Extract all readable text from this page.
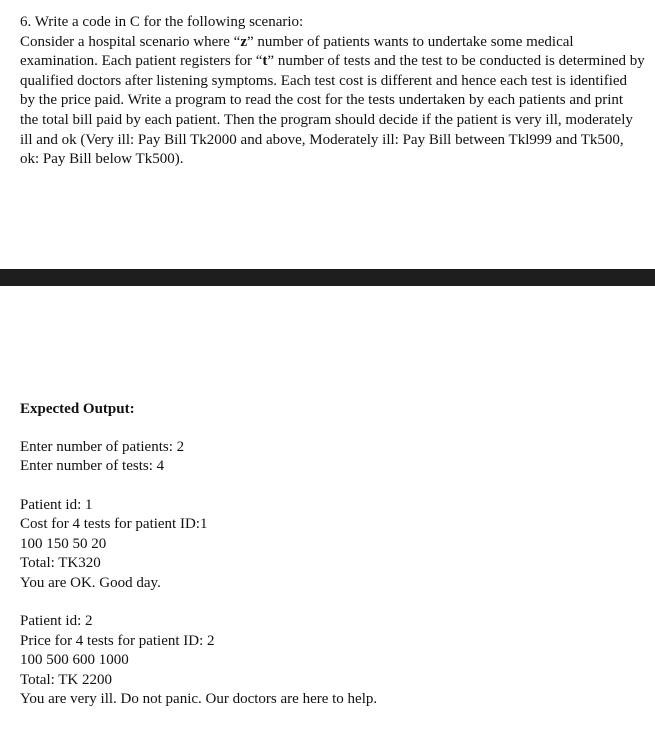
6. Write a code in C for the following scenario:

Consider a hospital scenario where “z” number of patients wants to undertake some medical examination. Each patient registers for “t” number of tests and the test to be conducted is determined by qualified doctors after listening symptoms. Each test cost is different and hence each test is identified by the price paid. Write a program to read the cost for the tests undertaken by each patients and print the total bill paid by each patient. Then the program should decide if the patient is very ill, moderately ill and ok (Very ill: Pay Bill Tk2000 and above, Moderately ill: Pay Bill between Tkl999 and Tk500, ok: Pay Bill below Tk500).

Expected Output:

Enter number of patients: 2
Enter number of tests: 4
Patient id: 1
Cost for 4 tests for patient ID:1
100 150 50 20
Total: TK320
You are OK. Good day.
Patient id: 2
Price for 4 tests for patient ID: 2
100 500 600 1000
Total: TK 2200
You are very ill. Do not panic. Our doctors are here to help.
